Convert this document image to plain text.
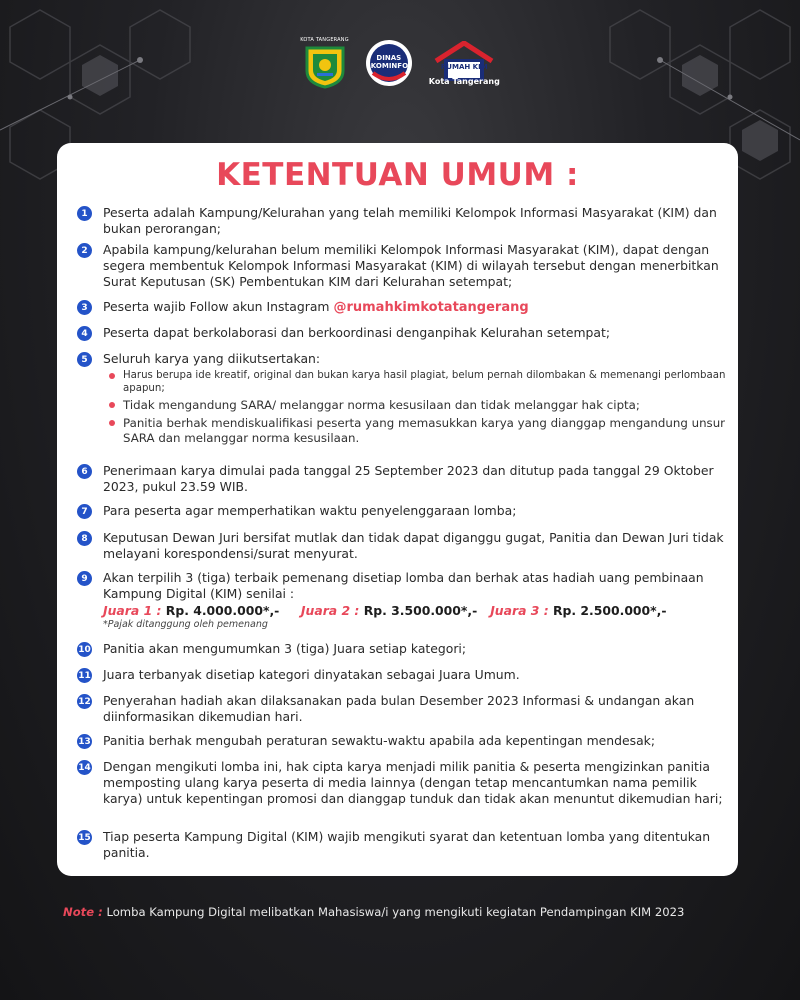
KOTA TANGERANG
DINAS KOMINFO	RUMAH KIM
Kota Tangerang
KETENTUAN UMUM :
1	Peserta adalah Kampung/Kelurahan yang telah memiliki Kelompok Informasi Masyarakat (KIM) dan bukan perorangan;
2	Apabila kampung/kelurahan belum memiliki Kelompok Informasi Masyarakat (KIM), dapat dengan segera membentuk Kelompok Informasi Masyarakat (KIM) di wilayah tersebut dengan menerbitkan Surat Keputusan (SK) Pembentukan KIM dari Kelurahan setempat;
3	Peserta wajib Follow akun Instagram @rumahkimkotatangerang
4	Peserta dapat berkolaborasi dan berkoordinasi denganpihak Kelurahan setempat;
5	Seluruh karya yang diikutsertakan:
Harus berupa ide kreatif, original dan bukan karya hasil plagiat, belum pernah dilombakan & memenangi perlombaan apapun;
Tidak mengandung SARA/ melanggar norma kesusilaan dan tidak melanggar hak cipta;
Panitia berhak mendiskualifikasi peserta yang memasukkan karya yang dianggap mengandung unsur SARA dan melanggar norma kesusilaan.
6	Penerimaan karya dimulai pada tanggal 25 September 2023 dan ditutup pada tanggal 29 Oktober 2023, pukul 23.59 WIB.
7	Para peserta agar memperhatikan waktu penyelenggaraan lomba;
8	Keputusan Dewan Juri bersifat mutlak dan tidak dapat diganggu gugat, Panitia dan Dewan Juri tidak melayani korespondensi/surat menyurat.
9	Akan terpilih 3 (tiga) terbaik pemenang disetiap lomba dan berhak atas hadiah uang pembinaan Kampung Digital (KIM) senilai :
Juara 1 : Rp. 4.000.000*,- Juara 2 : Rp. 3.500.000*,- Juara 3 : Rp. 2.500.000*,-
*Pajak ditanggung oleh pemenang
10 Panitia akan mengumumkan 3 (tiga) Juara setiap kategori;
11 Juara terbanyak disetiap kategori dinyatakan sebagai Juara Umum.
12 Penyerahan hadiah akan dilaksanakan pada bulan Desember 2023 Informasi & undangan akan diinformasikan dikemudian hari.
13 Panitia berhak mengubah peraturan sewaktu-waktu apabila ada kepentingan mendesak;
14 Dengan mengikuti lomba ini, hak cipta karya menjadi milik panitia & peserta mengizinkan panitia memposting ulang karya peserta di media lainnya (dengan tetap mencantumkan nama pemilik karya) untuk kepentingan promosi dan dianggap tunduk dan tidak akan menuntut dikemudian hari;
15 Tiap peserta Kampung Digital (KIM) wajib mengikuti syarat dan ketentuan lomba yang ditentukan panitia.
Note : Lomba Kampung Digital melibatkan Mahasiswa/i yang mengikuti kegiatan Pendampingan KIM 2023
